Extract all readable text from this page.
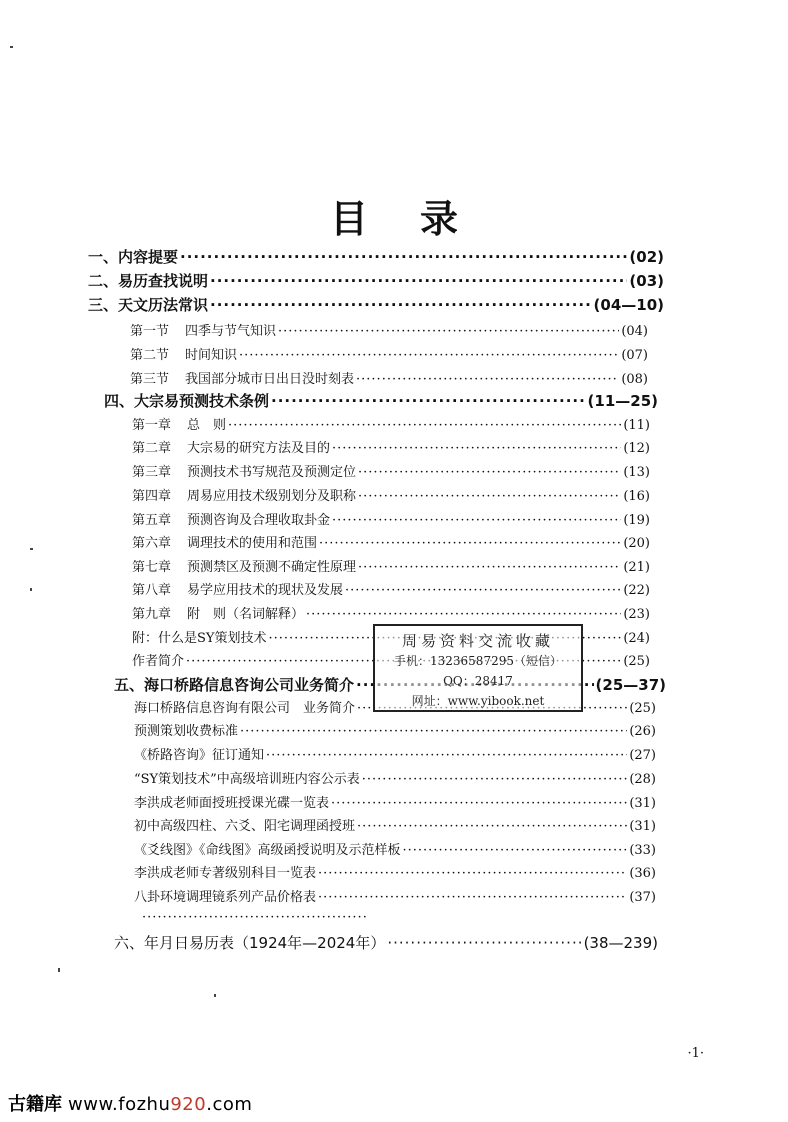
目录
一、内容提要 ·····	(02)
二、易历查找说明 ·····	(03)
三、天文历法常识 ·····	(04—10)
第一节 四季与节气知识 ·····	(04)
第二节 时间知识 ·····	(07)
第三节 我国部分城市日出日没时刻表 ·····	(08)
四、大宗易预测技术条例 ·····	(11—25)
第一章 总　则 ·····	(11)
第二章 大宗易的研究方法及目的 ·····	(12)
第三章 预测技术书写规范及预测定位 ·····	(13)
第四章 周易应用技术级别划分及职称 ·····	(16)
第五章 预测咨询及合理收取卦金 ·····	(19)
第六章 调理技术的使用和范围 ·····	(20)
第七章 预测禁区及预测不确定性原理 ·····	(21)
第八章 易学应用技术的现状及发展 ·····	(22)
第九章 附　则（名词解释） ·····	(23)
附：什么是SY策划技术 ·····	(24)
作者简介 ·····	(25)
五、海口桥路信息咨询公司业务简介 ·····	(25—37)
海口桥路信息咨询有限公司　业务简介 ·····	(25)
预测策划收费标准 ·····	(26)
《桥路咨询》征订通知 ·····	(27)
“SY策划技术”中高级培训班内容公示表 ·····	(28)
李洪成老师面授班授课光碟一览表 ·····	(31)
初中高级四柱、六爻、阳宅调理函授班 ·····	(31)
《爻线图》《命线图》高级函授说明及示范样板 ·····	(33)
李洪成老师专著级别科目一览表 ·····	(36)
八卦环境调理镜系列产品价格表 ·····	(37)
·····
六、年月日易历表（1924年—2024年） ·····	(38—239)
周易资料交流收藏
手机：13236587295（短信）
QQ：28417
网址：www.yibook.net
·1·
古籍库 www.fozhu920.com
